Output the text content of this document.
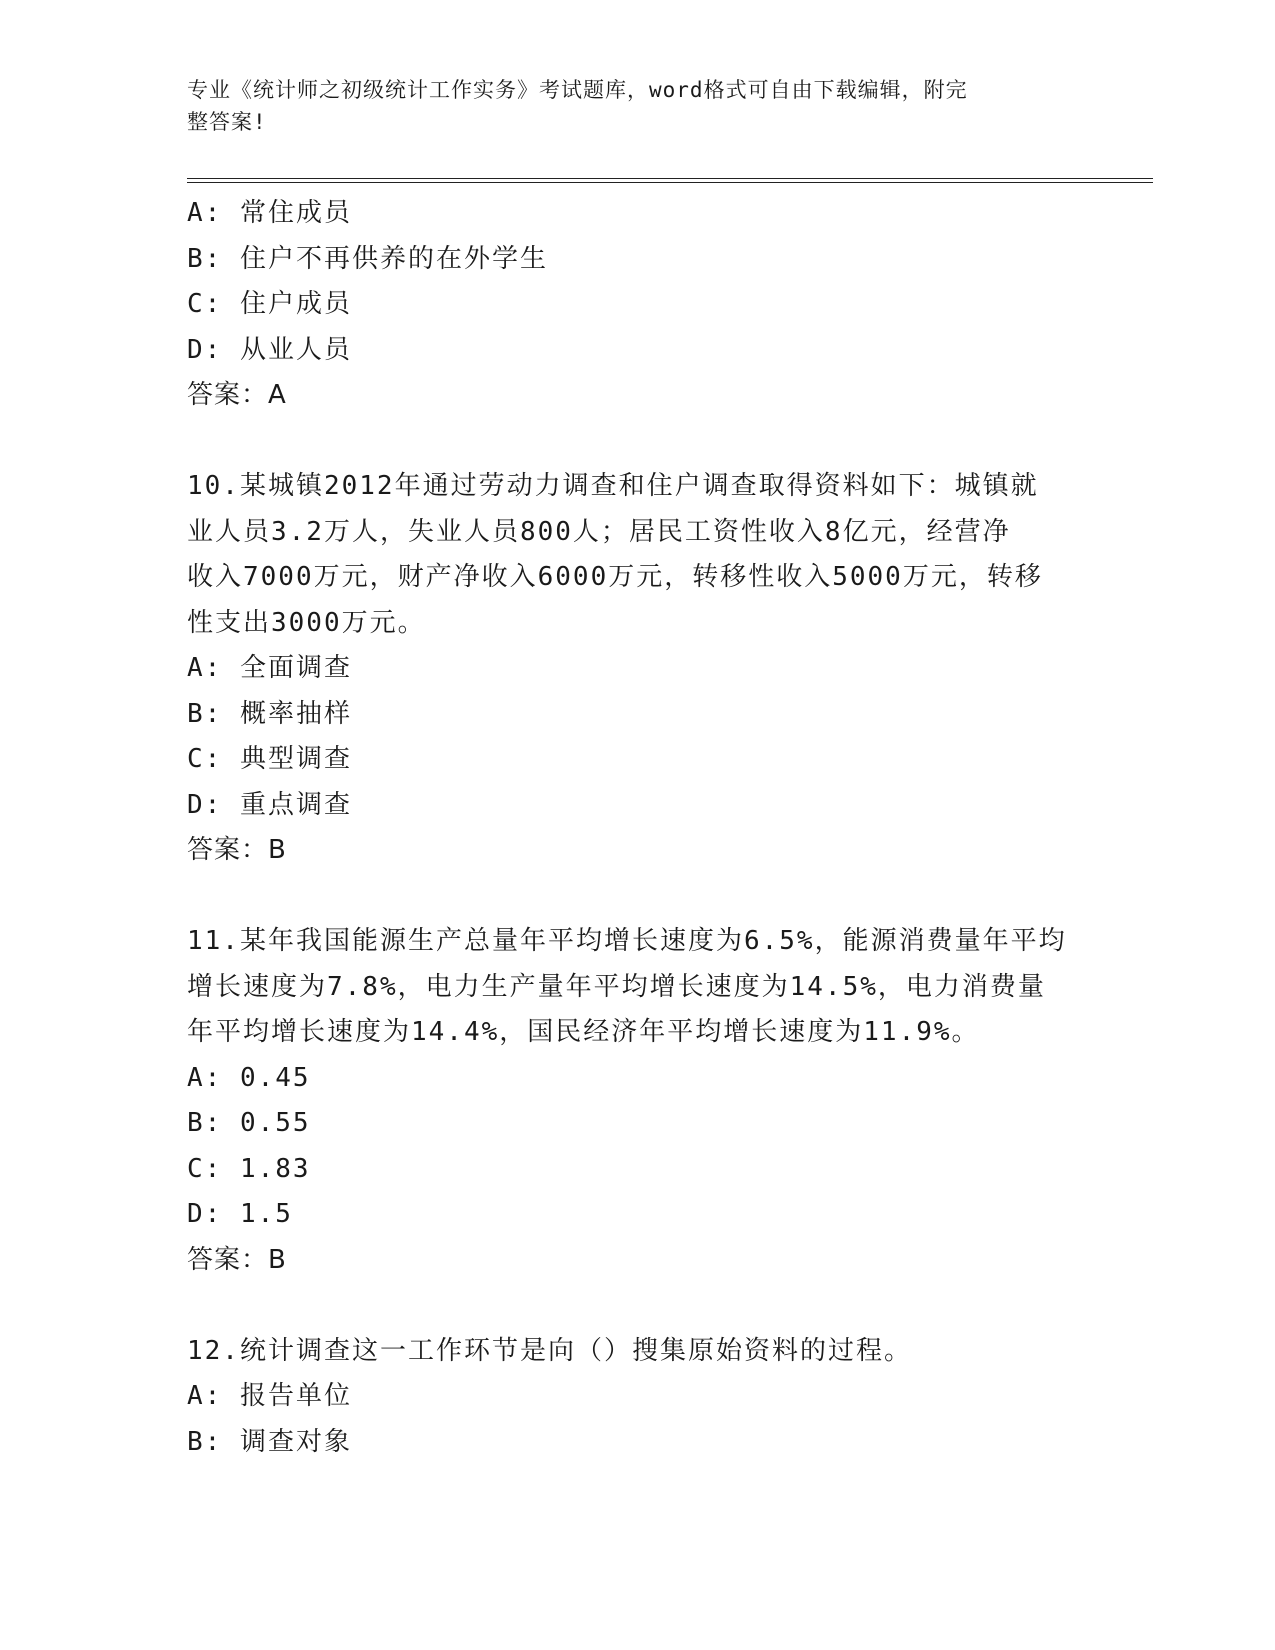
专业《统计师之初级统计工作实务》考试题库，word格式可自由下载编辑，附完
整答案!
A: 常住成员
B: 住户不再供养的在外学生
C: 住户成员
D: 从业人员
答案：A
10.某城镇2012年通过劳动力调查和住户调查取得资料如下：城镇就
业人员3.2万人，失业人员800人；居民工资性收入8亿元，经营净
收入7000万元，财产净收入6000万元，转移性收入5000万元，转移
性支出3000万元。
A: 全面调查
B: 概率抽样
C: 典型调查
D: 重点调查
答案：B
11.某年我国能源生产总量年平均增长速度为6.5%，能源消费量年平均
增长速度为7.8%，电力生产量年平均增长速度为14.5%，电力消费量
年平均增长速度为14.4%，国民经济年平均增长速度为11.9%。
A: 0.45
B: 0.55
C: 1.83
D: 1.5
答案：B
12.统计调查这一工作环节是向（）搜集原始资料的过程。
A: 报告单位
B: 调查对象
